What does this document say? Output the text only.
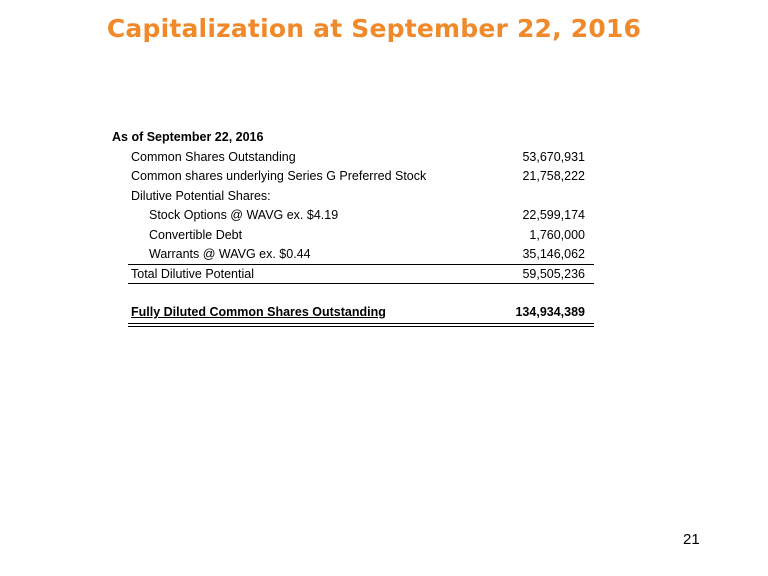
Capitalization at September 22, 2016
As of September 22, 2016
Common Shares Outstanding	53,670,931
Common shares underlying Series G Preferred Stock	21,758,222
Dilutive Potential Shares:
Stock Options @ WAVG ex. $4.19	22,599,174
Convertible Debt	1,760,000
Warrants @ WAVG ex. $0.44	35,146,062
Total Dilutive Potential	59,505,236
Fully Diluted Common Shares Outstanding	134,934,389
21
